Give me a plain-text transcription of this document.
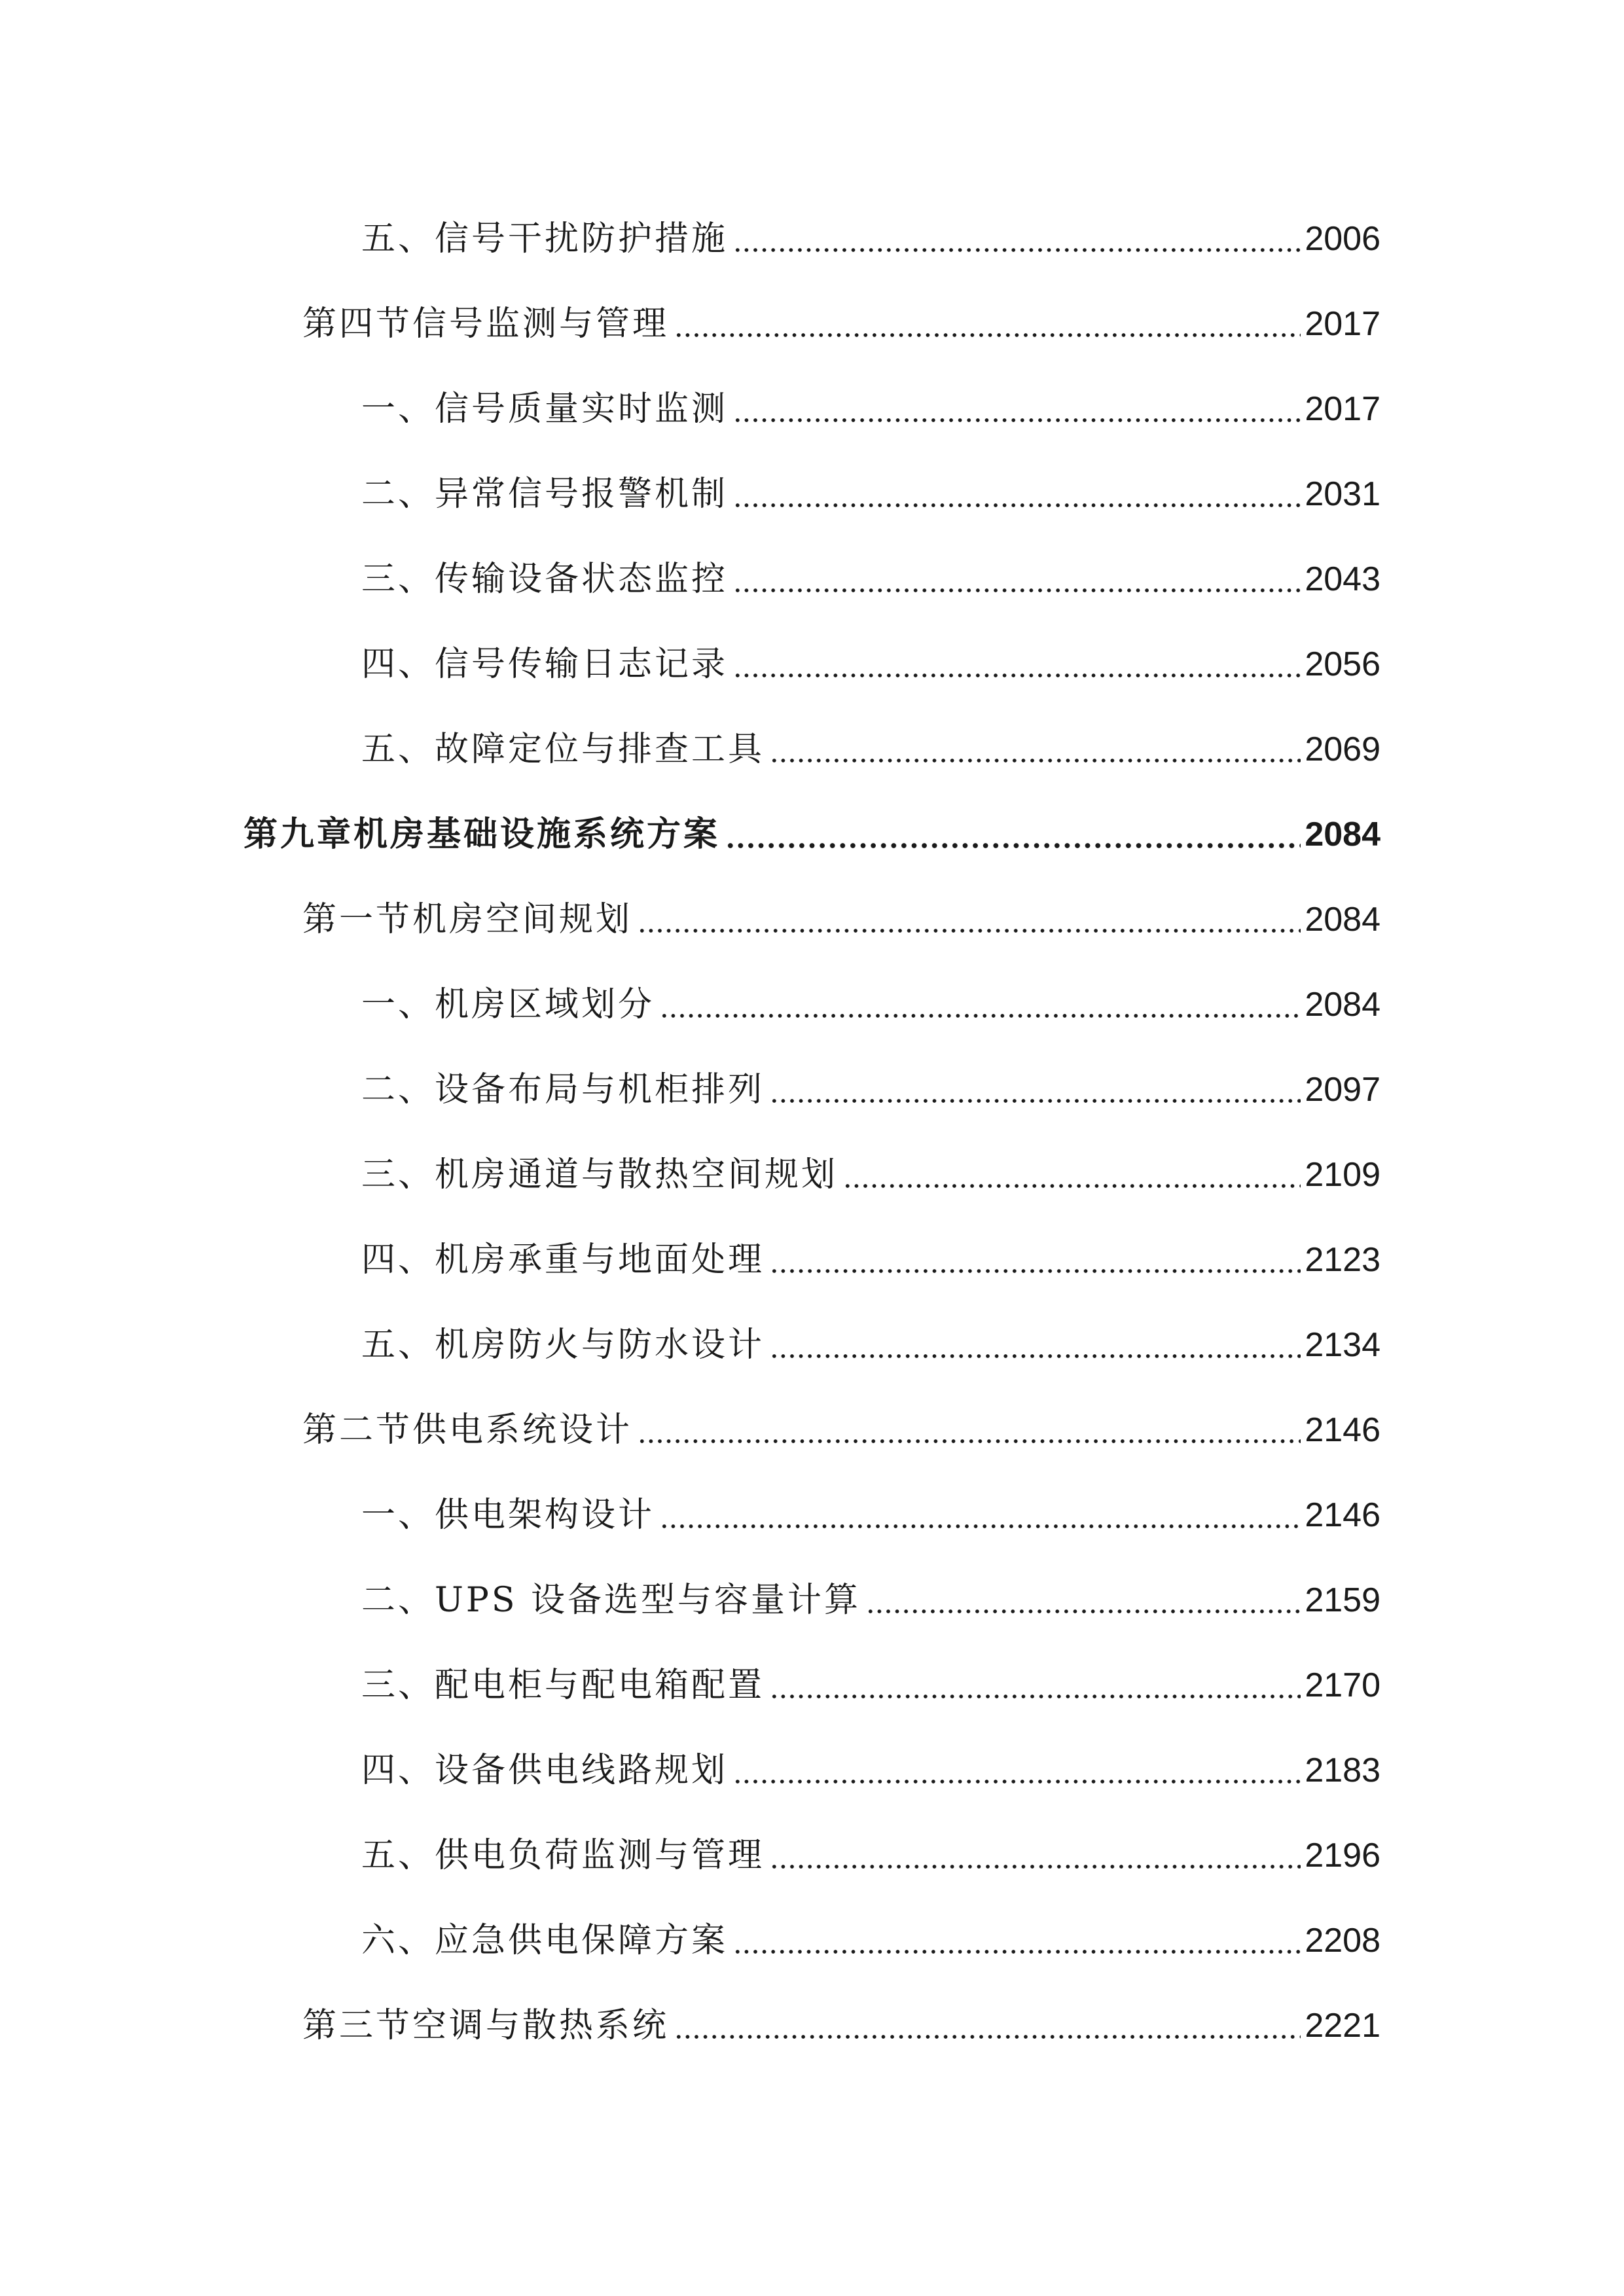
五、信号干扰防护措施	2006
第四节信号监测与管理	2017
一、信号质量实时监测	2017
二、异常信号报警机制	2031
三、传输设备状态监控	2043
四、信号传输日志记录	2056
五、故障定位与排查工具	2069
第九章机房基础设施系统方案	2084
第一节机房空间规划	2084
一、机房区域划分	2084
二、设备布局与机柜排列	2097
三、机房通道与散热空间规划	2109
四、机房承重与地面处理	2123
五、机房防火与防水设计	2134
第二节供电系统设计	2146
一、供电架构设计	2146
二、UPS 设备选型与容量计算	2159
三、配电柜与配电箱配置	2170
四、设备供电线路规划	2183
五、供电负荷监测与管理	2196
六、应急供电保障方案	2208
第三节空调与散热系统	2221
